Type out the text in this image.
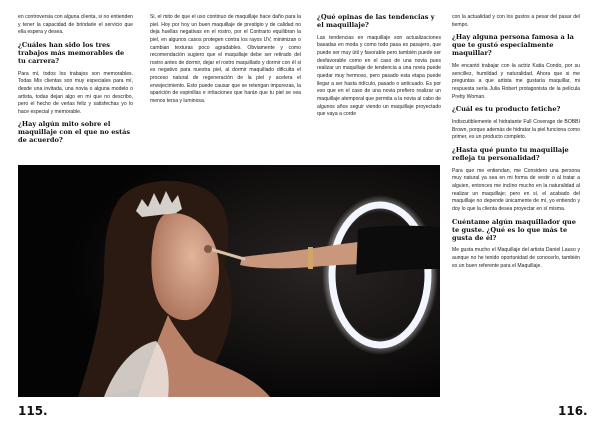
en controversia con alguna clienta, si no entienden y tener la capacidad de brindarle el servicio que ella espera y desea.

¿Cuáles han sido los tres trabajos más memorables de tu carrera?

Para mí, todos los trabajos son memorables. Todas Mis clientas son muy especiales para mí, desde una invitada, una novia o alguna modelo o artista, todas dejan algo en mí que no describo, pero el hecho de verlas feliz y satisfechas yo lo hace especial y memorable.

¿Hay algún mito sobre el maquillaje con el que no estás de acuerdo?

Si, el mito de que el uso continuo de maquillaje hace daño para la piel. Hoy por hoy un buen maquillaje de prestigio y de calidad no deja huellas negativas en el rostro, por el Contrario equilibran la piel, en algunos casos protegen contra los rayos UV, minimizan o cambian texturas poco agradables. Obviamente y como recomendación sugiero que el maquillaje debe ser retirado del rostro antes de dormir, dejar el rostro maquillado y dormir con él si es negativo para nuestra piel, al dormir maquillado dificulta el proceso natural de regeneración de la piel y acelera el envejecimiento. Esto puede causar que se retengan impurezas, la aparición de espinillas e irritaciones que harán que tu piel se vea menos tersa y luminosa.

¿Qué opinas de las tendencias y el maquillaje?

Las tendencias en maquillaje son actualizaciones basadas en moda y como todo pasa es pasajero, que puede ser muy útil y favorable pero también puede ser desfavorable como en el caso de una novia pues realizar un maquillaje de tendencia a una novia puede quedar muy hermoso, pero pasado esta etapa puede llegar a ser hasta ridículo, pasado o anticuado. Es por eso que en el caso de una novia prefiero realizar un maquillaje atemporal que permita a la novia al cabo de algunos años seguir viendo un maquillaje proyectado que vaya a corde

con la actualidad y con los gustos a pesar del pasar del tiempo.

¿Hay alguna persona famosa a la que te gustó especialmente maquillar?

Me encantó trabajar con la actriz Katia Condo, por su sencillez, humildad y naturalidad. Ahora que si me preguntas a que artista me gustaría maquillar, mi respuesta sería Julia Robert protagonista de la película Pretty Woman.

¿Cuál es tu producto fetiche?

Indiscutiblemente el hidratante Full Coverage de BOBBI Brown, porque además de hidratar la piel funciona como primer, es un producto completo.

¿Hasta qué punto tu maquillaje refleja tu personalidad?

Para que me entiendan, me Considero una persona muy natural ya sea en mi forma de vestir o al tratar a alguien, entonces me inclino mucho en la naturalidad al realizar un maquillaje; pero en sí, el acabado del maquillaje no depende únicamente de mí, yo entiendo y doy lo que la clienta desea proyectar en sí misma.

Cuéntame algún maquillador que te guste. ¿Qué es lo que más te gusta de él?

Me gusta mucho el Maquillaje del artista Daniel Lauso y aunque no he tenido oportunidad de conocerlo, también es un buen referente para el Maquillaje.

115.	116.
